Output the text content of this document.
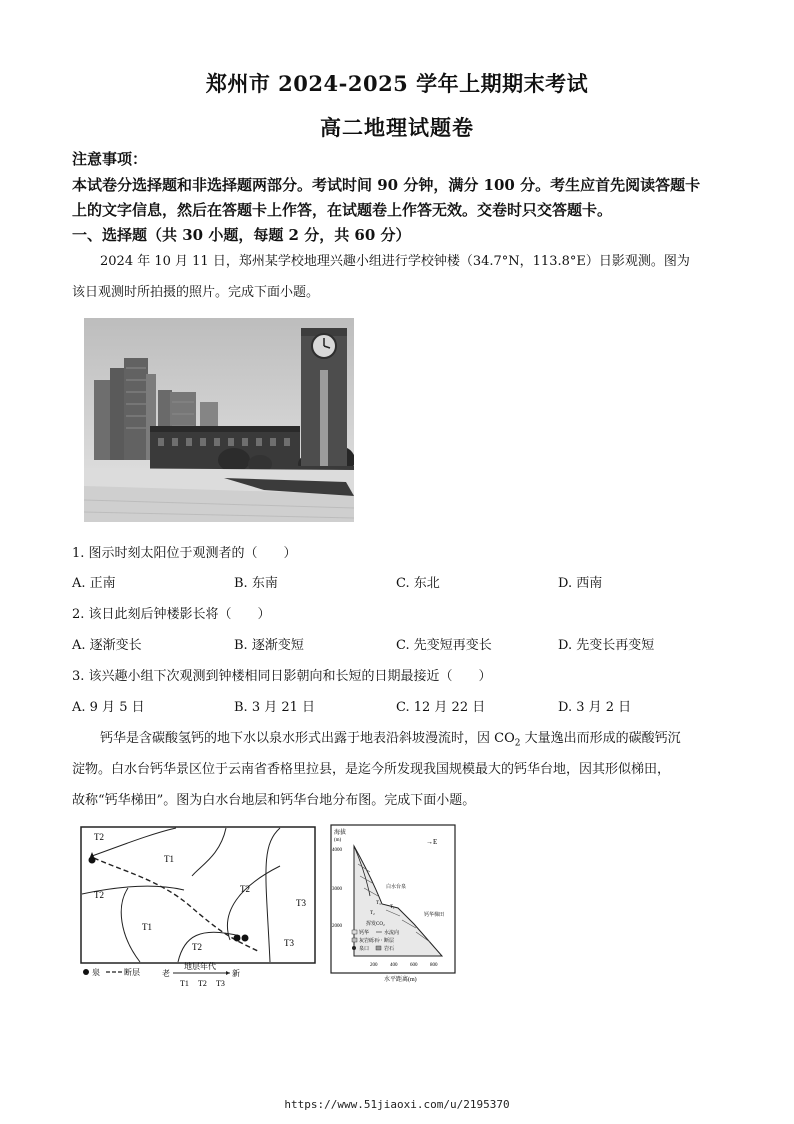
郑州市 2024-2025 学年上期期末考试
高二地理试题卷
注意事项：
本试卷分选择题和非选择题两部分。考试时间 90 分钟，满分 100 分。考生应首先阅读答题卡
上的文字信息，然后在答题卡上作答，在试题卷上作答无效。交卷时只交答题卡。
一、选择题（共 30 小题，每题 2 分，共 60 分）
2024 年 10 月 11 日，郑州某学校地理兴趣小组进行学校钟楼（34.7°N，113.8°E）日影观测。图为
该日观测时所拍摄的照片。完成下面小题。
1. 图示时刻太阳位于观测者的（　　）
A. 正南	B. 东南	C. 东北	D. 西南
2. 该日此刻后钟楼影长将（　　）
A. 逐渐变长	B. 逐渐变短	C. 先变短再变长	D. 先变长再变短
3. 该兴趣小组下次观测到钟楼相同日影朝向和长短的日期最接近（　　）
A. 9 月 5 日	B. 3 月 21 日	C. 12 月 22 日	D. 3 月 2 日
钙华是含碳酸氢钙的地下水以泉水形式出露于地表沿斜坡漫流时，因 $CO_2$ 大量逸出而形成的碳酸钙沉
淀物。白水台钙华景区位于云南省香格里拉县，是迄今所发现我国规模最大的钙华台地，因其形似梯田，
故称“钙华梯田”。图为白水台地层和钙华台地分布图。完成下面小题。
T2
T1
T2
T2
T3
T1
T2	T3
泉	断层
地层年代
老	新
T1 T2 T3
海拔
(m)
4000
3000
2000
→E
白水台泉
钙华梯田
挥发CO₂
T₃
T₁
T₂
钙华	水流向
灰岩砾石 断层
泉口	岩石
200	400	600	800
水平距离(m)
https://www.51jiaoxi.com/u/2195370
